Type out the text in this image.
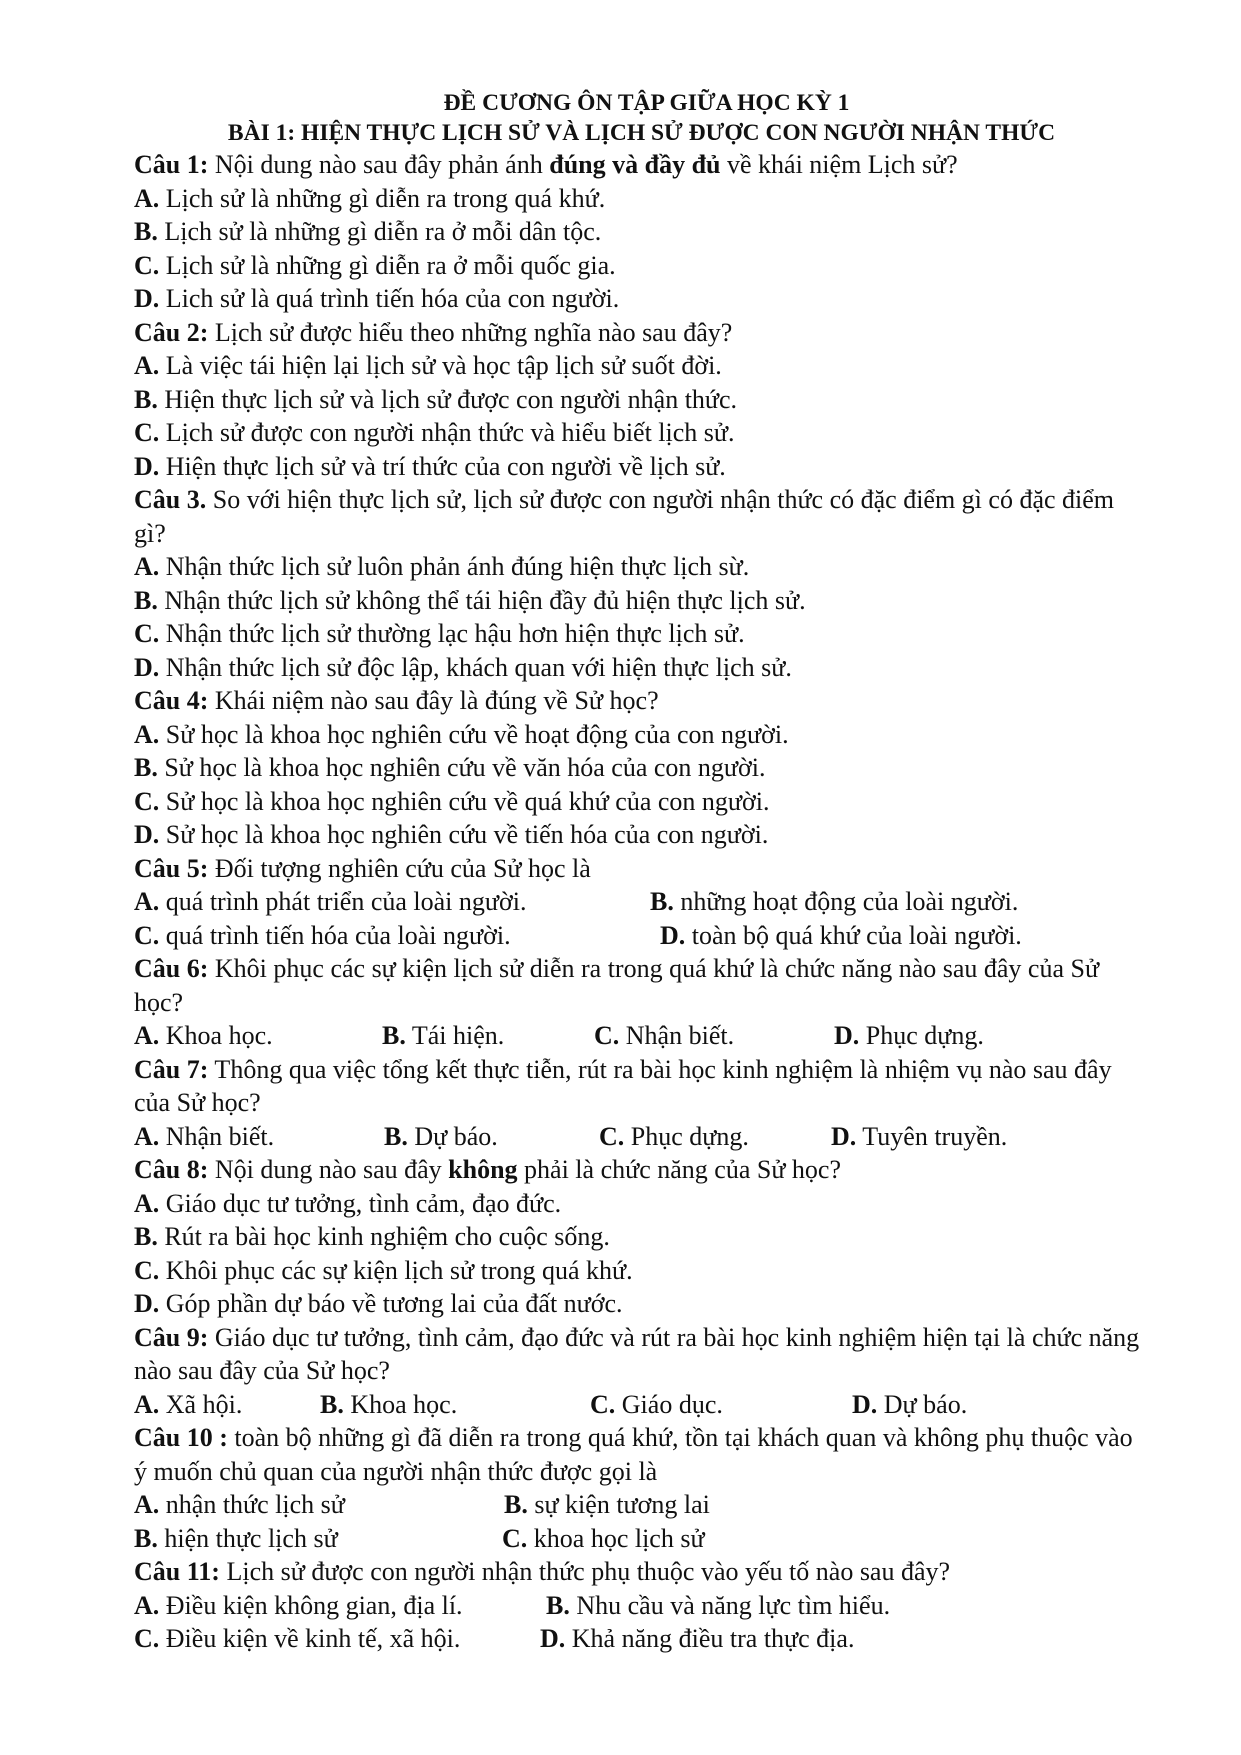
ĐỀ CƯƠNG ÔN TẬP GIỮA HỌC KỲ 1
BÀI 1: HIỆN THỰC LỊCH SỬ VÀ LỊCH SỬ ĐƯỢC CON NGƯỜI NHẬN THỨC
Câu 1: Nội dung nào sau đây phản ánh đúng và đầy đủ về khái niệm Lịch sử?
A. Lịch sử là những gì diễn ra trong quá khứ.
B. Lịch sử là những gì diễn ra ở mỗi dân tộc.
C. Lịch sử là những gì diễn ra ở mỗi quốc gia.
D. Lich sử là quá trình tiến hóa của con người.
Câu 2: Lịch sử được hiểu theo những nghĩa nào sau đây?
A. Là việc tái hiện lại lịch sử và học tập lịch sử suốt đời.
B. Hiện thực lịch sử và lịch sử được con người nhận thức.
C. Lịch sử được con người nhận thức và hiểu biết lịch sử.
D. Hiện thực lịch sử và trí thức của con người về lịch sử.
Câu 3. So với hiện thực lịch sử, lịch sử được con người nhận thức có đặc điểm gì có đặc điểm gì?
A. Nhận thức lịch sử luôn phản ánh đúng hiện thực lịch sừ.
B. Nhận thức lịch sử không thể tái hiện đầy đủ hiện thực lịch sử.
C. Nhận thức lịch sử thường lạc hậu hơn hiện thực lịch sử.
D. Nhận thức lịch sử độc lập, khách quan với hiện thực lịch sử.
Câu 4: Khái niệm nào sau đây là đúng về Sử học?
A. Sử học là khoa học nghiên cứu về hoạt động của con người.
B. Sử học là khoa học nghiên cứu về văn hóa của con người.
C. Sử học là khoa học nghiên cứu về quá khứ của con người.
D. Sử học là khoa học nghiên cứu về tiến hóa của con người.
Câu 5: Đối tượng nghiên cứu của Sử học là
A. quá trình phát triển của loài người.	B. những hoạt động của loài người.
C. quá trình tiến hóa của loài người.	D. toàn bộ quá khứ của loài người.
Câu 6: Khôi phục các sự kiện lịch sử diễn ra trong quá khứ là chức năng nào sau đây của Sử học?
A. Khoa học.	B. Tái hiện.	C. Nhận biết.	D. Phục dựng.
Câu 7: Thông qua việc tổng kết thực tiễn, rút ra bài học kinh nghiệm là nhiệm vụ nào sau đây của Sử học?
A. Nhận biết.	B. Dự báo.	C. Phục dựng.	D. Tuyên truyền.
Câu 8: Nội dung nào sau đây không phải là chức năng của Sử học?
A. Giáo dục tư tưởng, tình cảm, đạo đức.
B. Rút ra bài học kinh nghiệm cho cuộc sống.
C. Khôi phục các sự kiện lịch sử trong quá khứ.
D. Góp phần dự báo về tương lai của đất nước.
Câu 9: Giáo dục tư tưởng, tình cảm, đạo đức và rút ra bài học kinh nghiệm hiện tại là chức năng nào sau đây của Sử học?
A. Xã hội.	B. Khoa học.	C. Giáo dục.	D. Dự báo.
Câu 10 : toàn bộ những gì đã diễn ra trong quá khứ, tồn tại khách quan và không phụ thuộc vào ý muốn chủ quan của người nhận thức được gọi là
A. nhận thức lịch sử	B. sự kiện tương lai
B. hiện thực lịch sử	C. khoa học lịch sử
Câu 11: Lịch sử được con người nhận thức phụ thuộc vào yếu tố nào sau đây?
A. Điều kiện không gian, địa lí.	B. Nhu cầu và năng lực tìm hiểu.
C. Điều kiện về kinh tế, xã hội.	D. Khả năng điều tra thực địa.
